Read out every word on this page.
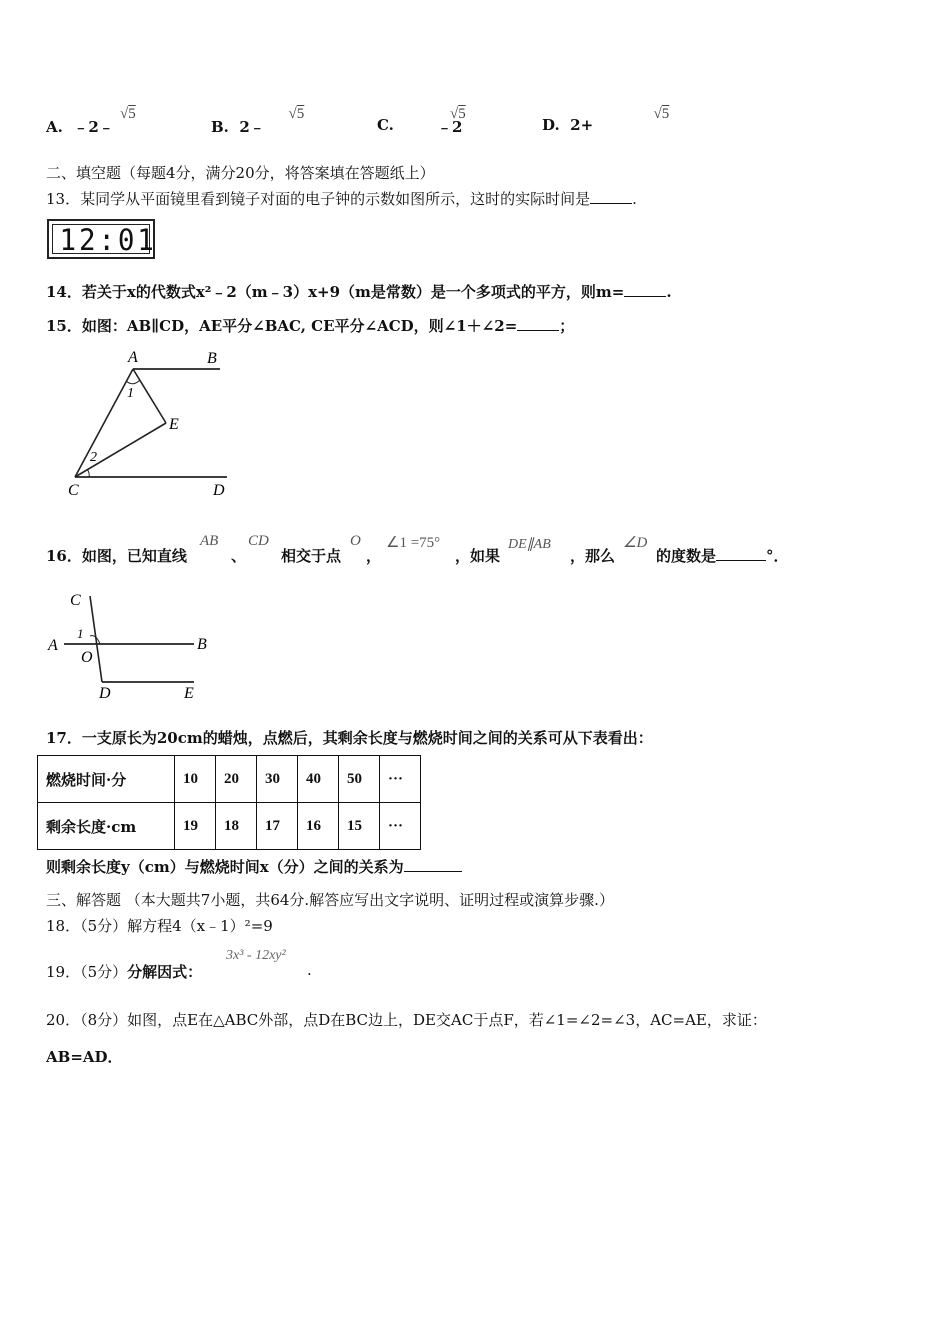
A. ﹣2﹣
√5
B. 2﹣
√5
C.
√5
﹣2	D. 2+
√5
二、填空题（每题4分，满分20分，将答案填在答题纸上）
13．某同学从平面镜里看到镜子对面的电子钟的示数如图所示，这时的实际时间是	.
12:01
14．若关于x的代数式x²﹣2（m﹣3）x+9（m是常数）是一个多项式的平方，则m=	.
15．如图：AB∥CD，AE平分∠BAC, CE平分∠ACD，则∠1＋∠2=	；
A	B
E
C	D
1
2
16．如图，已知直线
AB
、
CD
相交于点
O
，
∠1 =75°
，如果
DE∥AB
，那么
∠D
的度数是	°．
C
A	B
1
O
D	E
17．一支原长为20cm的蜡烛，点燃后，其剩余长度与燃烧时间之间的关系可从下表看出：
燃烧时间·分	10	20	30	40	50	···
剩余长度·cm	19	18	17	16	15	···
则剩余长度y（cm）与燃烧时间x（分）之间的关系为
三、解答题 （本大题共7小题，共64分.解答应写出文字说明、证明过程或演算步骤.）
18．（5分）解方程4（x﹣1）²=9
19．（5分）分解因式：
3x³ - 12xy²
.
20．（8分）如图，点E在△ABC外部，点D在BC边上，DE交AC于点F，若∠1=∠2=∠3，AC=AE，求证：
AB=AD．
